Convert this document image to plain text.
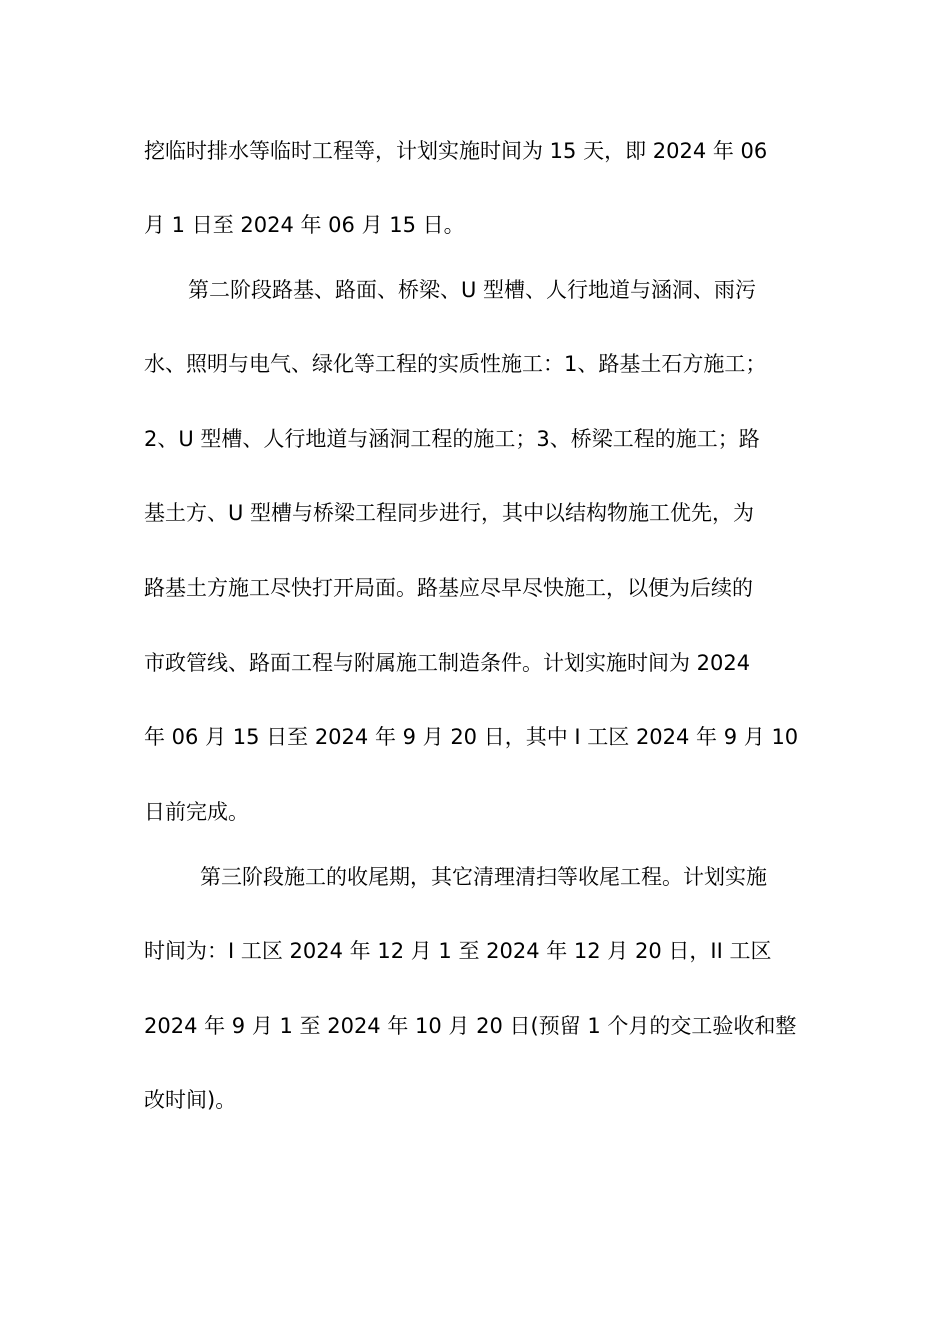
挖临时排水等临时工程等，计划实施时间为 15 天，即 2024 年 06
月 1 日至 2024 年 06 月 15 日。
第二阶段路基、路面、桥梁、U 型槽、人行地道与涵洞、雨污
水、照明与电气、绿化等工程的实质性施工：1、路基土石方施工；
2、U 型槽、人行地道与涵洞工程的施工；3、桥梁工程的施工；路
基土方、U 型槽与桥梁工程同步进行，其中以结构物施工优先，为
路基土方施工尽快打开局面。路基应尽早尽快施工，以便为后续的
市政管线、路面工程与附属施工制造条件。计划实施时间为 2024
年 06 月 15 日至 2024 年 9 月 20 日，其中 I 工区 2024 年 9 月 10
日前完成。
第三阶段施工的收尾期，其它清理清扫等收尾工程。计划实施
时间为：I 工区 2024 年 12 月 1 至 2024 年 12 月 20 日，II 工区
2024 年 9 月 1 至 2024 年 10 月 20 日(预留 1 个月的交工验收和整
改时间)。
